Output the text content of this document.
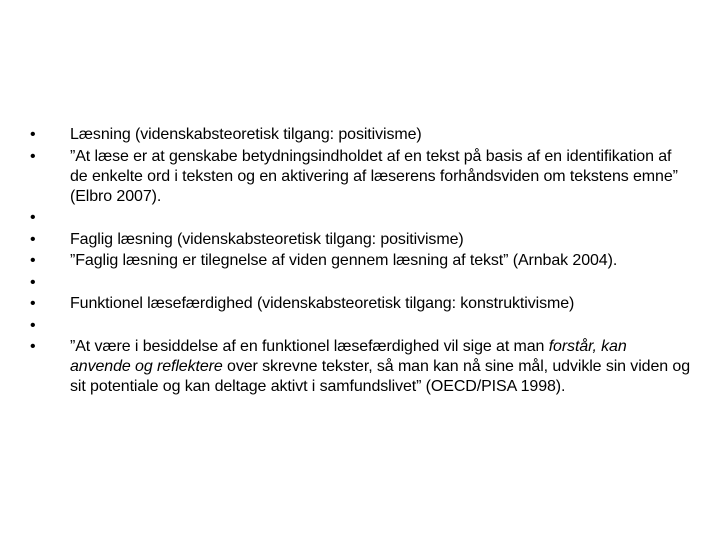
• Læsning (videnskabsteoretisk tilgang: positivisme)
• ”At læse er at genskabe betydningsindholdet af en tekst på basis af en identifikation af de enkelte ord i teksten og en aktivering af læserens forhåndsviden om tekstens emne” (Elbro 2007).
•
• Faglig læsning (videnskabsteoretisk tilgang: positivisme)
• ”Faglig læsning er tilegnelse af viden gennem læsning af tekst” (Arnbak 2004).
•
• Funktionel læsefærdighed (videnskabsteoretisk tilgang: konstruktivisme)
•
• ”At være i besiddelse af en funktionel læsefærdighed vil sige at man forstår, kan anvende og reflektere over skrevne tekster, så man kan nå sine mål, udvikle sin viden og sit potentiale og kan deltage aktivt i samfundslivet” (OECD/PISA 1998).
